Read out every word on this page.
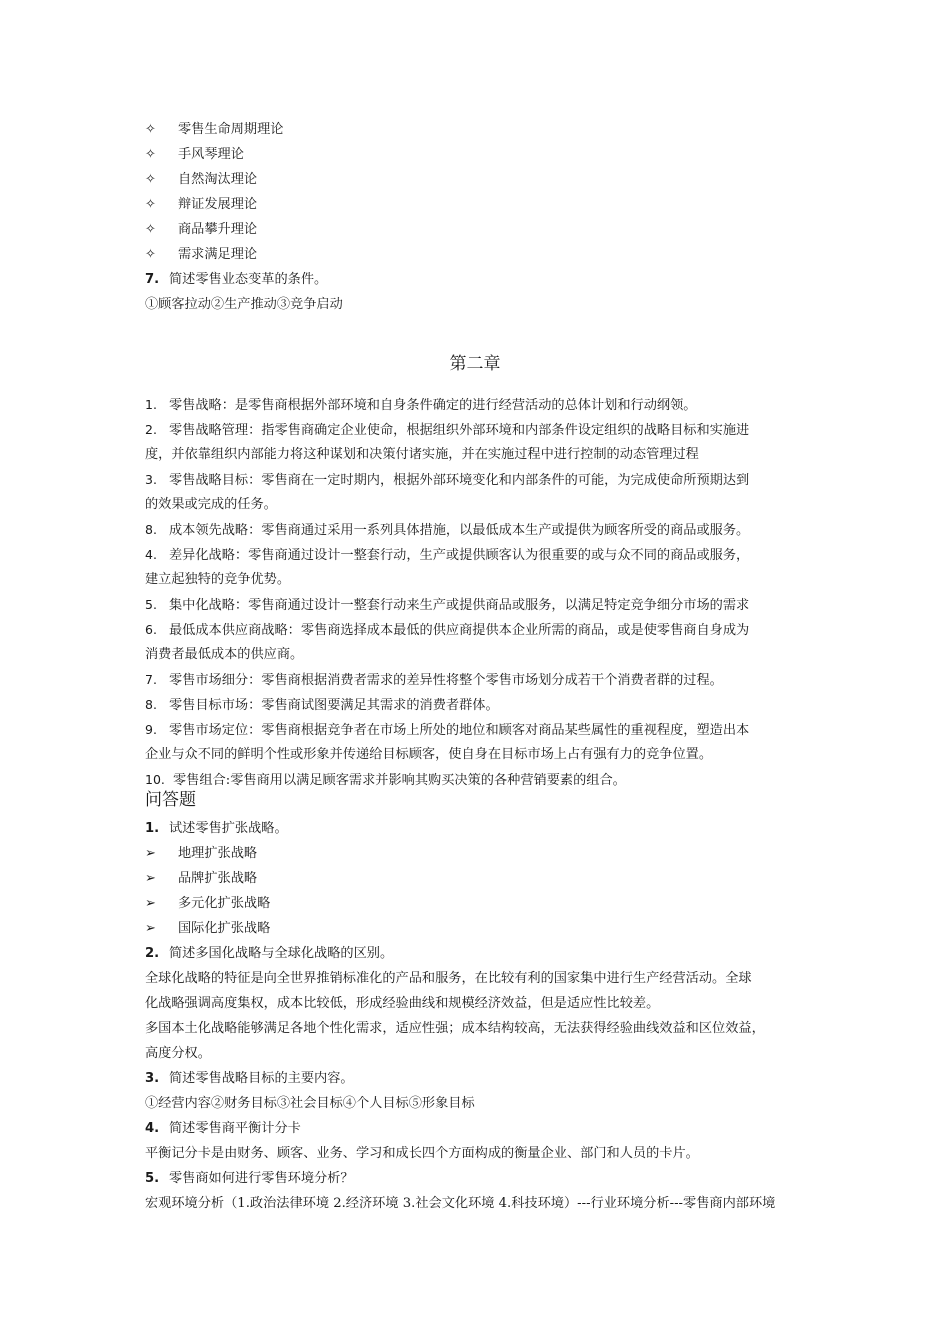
✧ 零售生命周期理论
✧ 手风琴理论
✧ 自然淘汰理论
✧ 辩证发展理论
✧ 商品攀升理论
✧ 需求满足理论
7. 简述零售业态变革的条件。
①顾客拉动②生产推动③竞争启动
第二章
1. 零售战略：是零售商根据外部环境和自身条件确定的进行经营活动的总体计划和行动纲领。
2. 零售战略管理：指零售商确定企业使命，根据组织外部环境和内部条件设定组织的战略目标和实施进
度，并依靠组织内部能力将这种谋划和决策付诸实施，并在实施过程中进行控制的动态管理过程
3. 零售战略目标：零售商在一定时期内，根据外部环境变化和内部条件的可能，为完成使命所预期达到
的效果或完成的任务。
8. 成本领先战略：零售商通过采用一系列具体措施，以最低成本生产或提供为顾客所受的商品或服务。
4. 差异化战略：零售商通过设计一整套行动，生产或提供顾客认为很重要的或与众不同的商品或服务，
建立起独特的竞争优势。
5. 集中化战略：零售商通过设计一整套行动来生产或提供商品或服务，以满足特定竞争细分市场的需求
6. 最低成本供应商战略：零售商选择成本最低的供应商提供本企业所需的商品，或是使零售商自身成为
消费者最低成本的供应商。
7. 零售市场细分：零售商根据消费者需求的差异性将整个零售市场划分成若干个消费者群的过程。
8. 零售目标市场：零售商试图要满足其需求的消费者群体。
9. 零售市场定位：零售商根据竞争者在市场上所处的地位和顾客对商品某些属性的重视程度，塑造出本
企业与众不同的鲜明个性或形象并传递给目标顾客，使自身在目标市场上占有强有力的竞争位置。
10. 零售组合:零售商用以满足顾客需求并影响其购买决策的各种营销要素的组合。
问答题
1. 试述零售扩张战略。
➢ 地理扩张战略
➢ 品牌扩张战略
➢ 多元化扩张战略
➢ 国际化扩张战略
2. 简述多国化战略与全球化战略的区别。
全球化战略的特征是向全世界推销标准化的产品和服务，在比较有利的国家集中进行生产经营活动。全球
化战略强调高度集权，成本比较低，形成经验曲线和规模经济效益，但是适应性比较差。
多国本土化战略能够满足各地个性化需求，适应性强；成本结构较高，无法获得经验曲线效益和区位效益，
高度分权。
3. 简述零售战略目标的主要内容。
①经营内容②财务目标③社会目标④个人目标⑤形象目标
4. 简述零售商平衡计分卡
平衡记分卡是由财务、顾客、业务、学习和成长四个方面构成的衡量企业、部门和人员的卡片。
5. 零售商如何进行零售环境分析？
宏观环境分析（1.政治法律环境 2.经济环境 3.社会文化环境 4.科技环境）---行业环境分析---零售商内部环境
